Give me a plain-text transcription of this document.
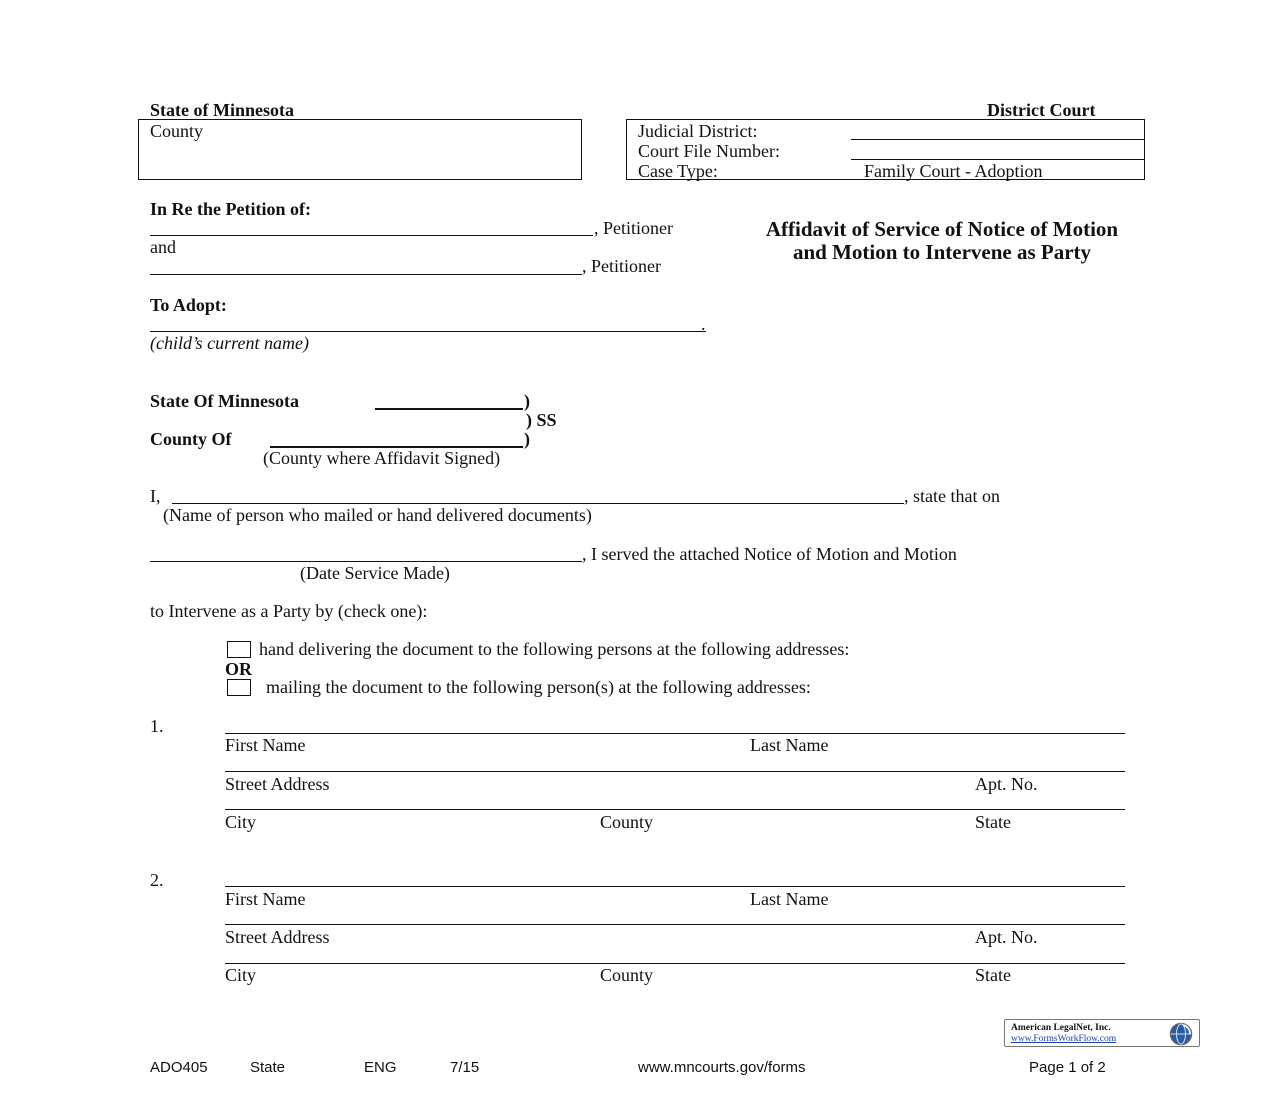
State of Minnesota	District Court
County	Judicial District:
Court File Number:
Case Type:	Family Court - Adoption
In Re the Petition of:
, Petitioner
and
, Petitioner
To Adopt:
.
(child’s current name)
Affidavit of Service of Notice of Motion and Motion to Intervene as Party
State Of Minnesota	)
) SS
County Of	)
(County where Affidavit Signed)
I,	, state that on
(Name of person who mailed or hand delivered documents)
, I served the attached Notice of Motion and Motion
(Date Service Made)
to Intervene as a Party by (check one):
hand delivering the document to the following persons at the following addresses:
OR
mailing the document to the following person(s) at the following addresses:
1.
First Name	Last Name
Street Address	Apt. No.
City	County	State
2.
First Name	Last Name
Street Address	Apt. No.
City	County	State
American LegalNet, Inc.
www.FormsWorkFlow.com
ADO405	State	ENG	7/15	www.mncourts.gov/forms	Page 1 of 2
